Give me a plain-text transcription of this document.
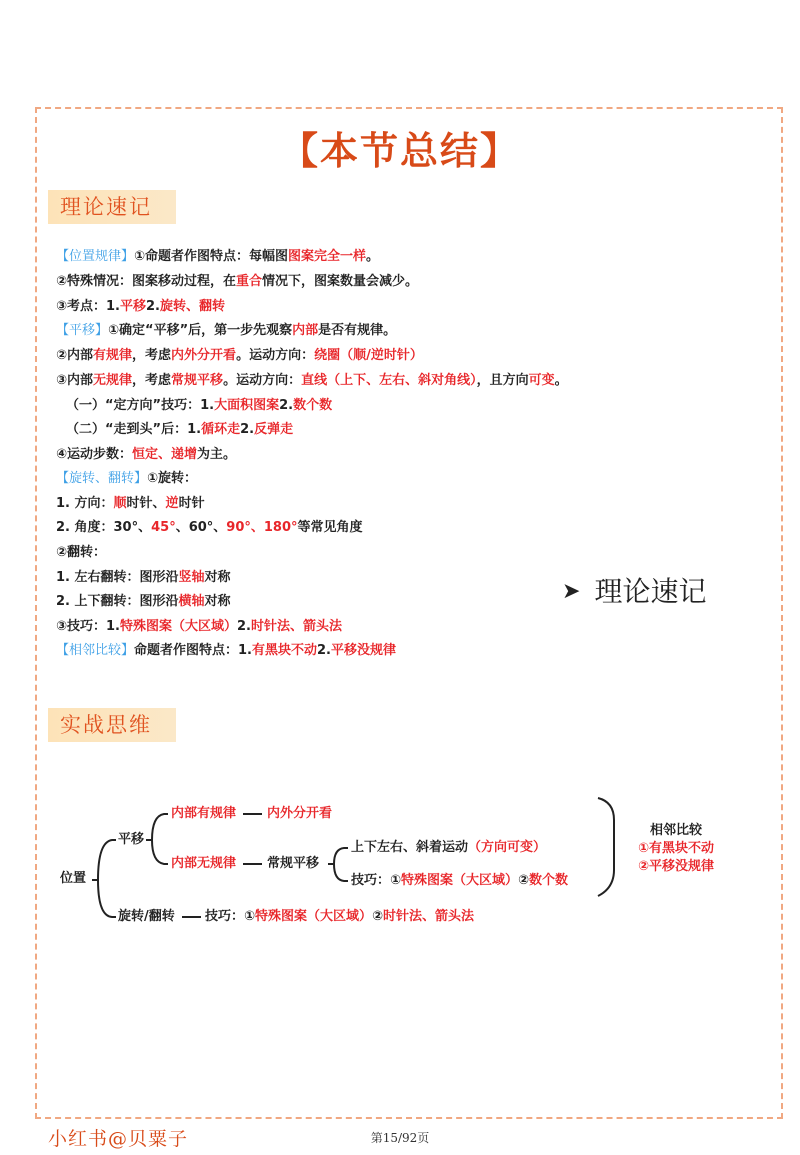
【本节总结】
理论速记
【位置规律】①命题者作图特点：每幅图图案完全一样。
②特殊情况：图案移动过程，在重合情况下，图案数量会减少。
③考点：1.平移2.旋转、翻转
【平移】①确定“平移”后，第一步先观察内部是否有规律。
②内部有规律，考虑内外分开看。运动方向：绕圈（顺/逆时针）
③内部无规律，考虑常规平移。运动方向：直线（上下、左右、斜对角线），且方向可变。
（一）“定方向”技巧：1.大面积图案2.数个数
（二）“走到头”后：1.循环走2.反弹走
④运动步数：恒定、递增为主。
【旋转、翻转】①旋转：
1. 方向：顺时针、逆时针
2. 角度：30°、45°、60°、90°、180°等常见角度
②翻转：
1. 左右翻转：图形沿竖轴对称
2. 上下翻转：图形沿横轴对称
③技巧：1.特殊图案（大区域）2.时针法、箭头法
【相邻比较】命题者作图特点：1.有黑块不动2.平移没规律
➤ 理论速记
实战思维
位置
平移
内部有规律 内外分开看
内部无规律 常规平移
上下左右、斜着运动（方向可变）
技巧：①特殊图案（大区域）②数个数
旋转/翻转 技巧：①特殊图案（大区域）②时针法、箭头法
相邻比较
①有黑块不动
②平移没规律
小红书@贝粟子	第15/92页
